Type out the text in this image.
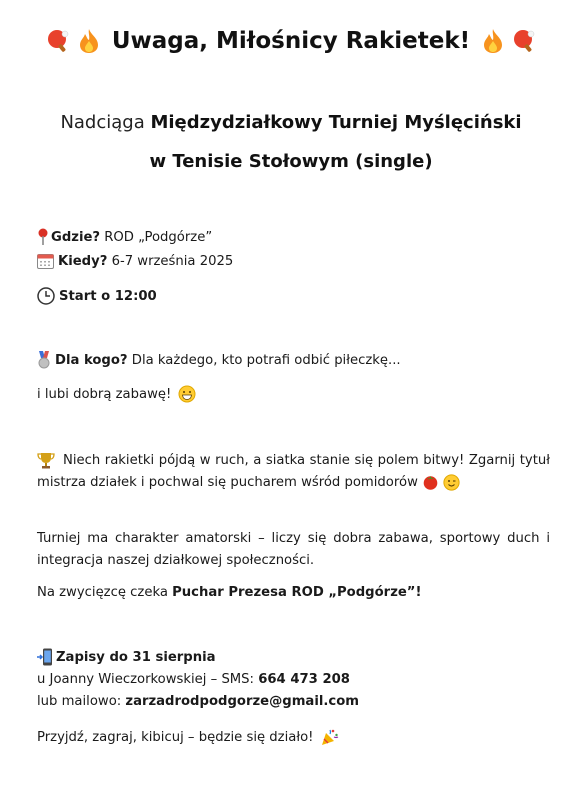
Uwaga, Miłośnicy Rakietek!

Nadciąga Międzydziałkowy Turniej Myślęciński
w Tenisie Stołowym (single)
Gdzie? ROD „Podgórze”
Kiedy? 6-7 września 2025
Start o 12:00
Dla kogo? Dla każdego, kto potrafi odbić piłeczkę...
i lubi dobrą zabawę!
Niech rakietki pójdą w ruch, a siatka stanie się polem bitwy! Zgarnij tytuł mistrza działek i pochwal się pucharem wśród pomidorów
Turniej ma charakter amatorski – liczy się dobra zabawa, sportowy duch i integracja naszej działkowej społeczności.
Na zwycięzcę czeka Puchar Prezesa ROD „Podgórze”!
Zapisy do 31 sierpnia
u Joanny Wieczorkowskiej – SMS: 664 473 208
lub mailowo: zarzadrodpodgorze@gmail.com
Przyjdź, zagraj, kibicuj – będzie się działo!
